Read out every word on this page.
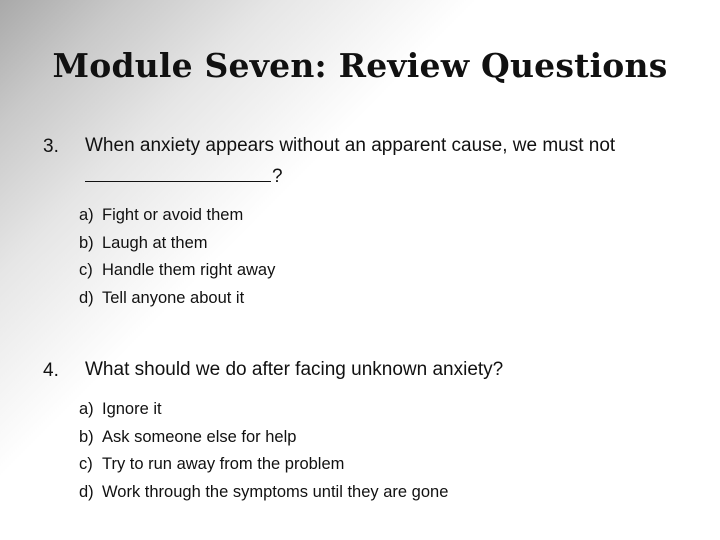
Module Seven: Review Questions
3. When anxiety appears without an apparent cause, we must not
?
a) Fight or avoid them
b) Laugh at them
c) Handle them right away
d) Tell anyone about it
4. What should we do after facing unknown anxiety?
a) Ignore it
b) Ask someone else for help
c) Try to run away from the problem
d) Work through the symptoms until they are gone
